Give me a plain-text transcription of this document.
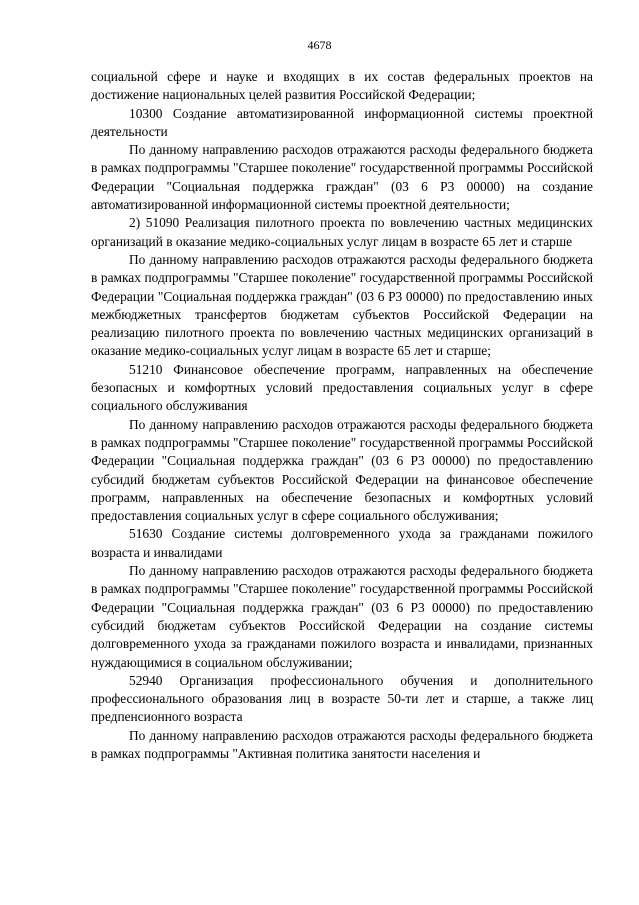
4678

социальной сфере и науке и входящих в их состав федеральных проектов на достижение национальных целей развития Российской Федерации;

10300 Создание автоматизированной информационной системы проектной деятельности

По данному направлению расходов отражаются расходы федерального бюджета в рамках подпрограммы "Старшее поколение" государственной программы Российской Федерации "Социальная поддержка граждан" (03 6 P3 00000) на создание автоматизированной информационной системы проектной деятельности;

2) 51090 Реализация пилотного проекта по вовлечению частных медицинских организаций в оказание медико-социальных услуг лицам в возрасте 65 лет и старше

По данному направлению расходов отражаются расходы федерального бюджета в рамках подпрограммы "Старшее поколение" государственной программы Российской Федерации "Социальная поддержка граждан" (03 6 P3 00000) по предоставлению иных межбюджетных трансфертов бюджетам субъектов Российской Федерации на реализацию пилотного проекта по вовлечению частных медицинских организаций в оказание медико-социальных услуг лицам в возрасте 65 лет и старше;

51210 Финансовое обеспечение программ, направленных на обеспечение безопасных и комфортных условий предоставления социальных услуг в сфере социального обслуживания

По данному направлению расходов отражаются расходы федерального бюджета в рамках подпрограммы "Старшее поколение" государственной программы Российской Федерации "Социальная поддержка граждан" (03 6 P3 00000) по предоставлению субсидий бюджетам субъектов Российской Федерации на финансовое обеспечение программ, направленных на обеспечение безопасных и комфортных условий предоставления социальных услуг в сфере социального обслуживания;

51630 Создание системы долговременного ухода за гражданами пожилого возраста и инвалидами

По данному направлению расходов отражаются расходы федерального бюджета в рамках подпрограммы "Старшее поколение" государственной программы Российской Федерации "Социальная поддержка граждан" (03 6 P3 00000) по предоставлению субсидий бюджетам субъектов Российской Федерации на создание системы долговременного ухода за гражданами пожилого возраста и инвалидами, признанных нуждающимися в социальном обслуживании;

52940 Организация профессионального обучения и дополнительного профессионального образования лиц в возрасте 50-ти лет и старше, а также лиц предпенсионного возраста

По данному направлению расходов отражаются расходы федерального бюджета в рамках подпрограммы "Активная политика занятости населения и
